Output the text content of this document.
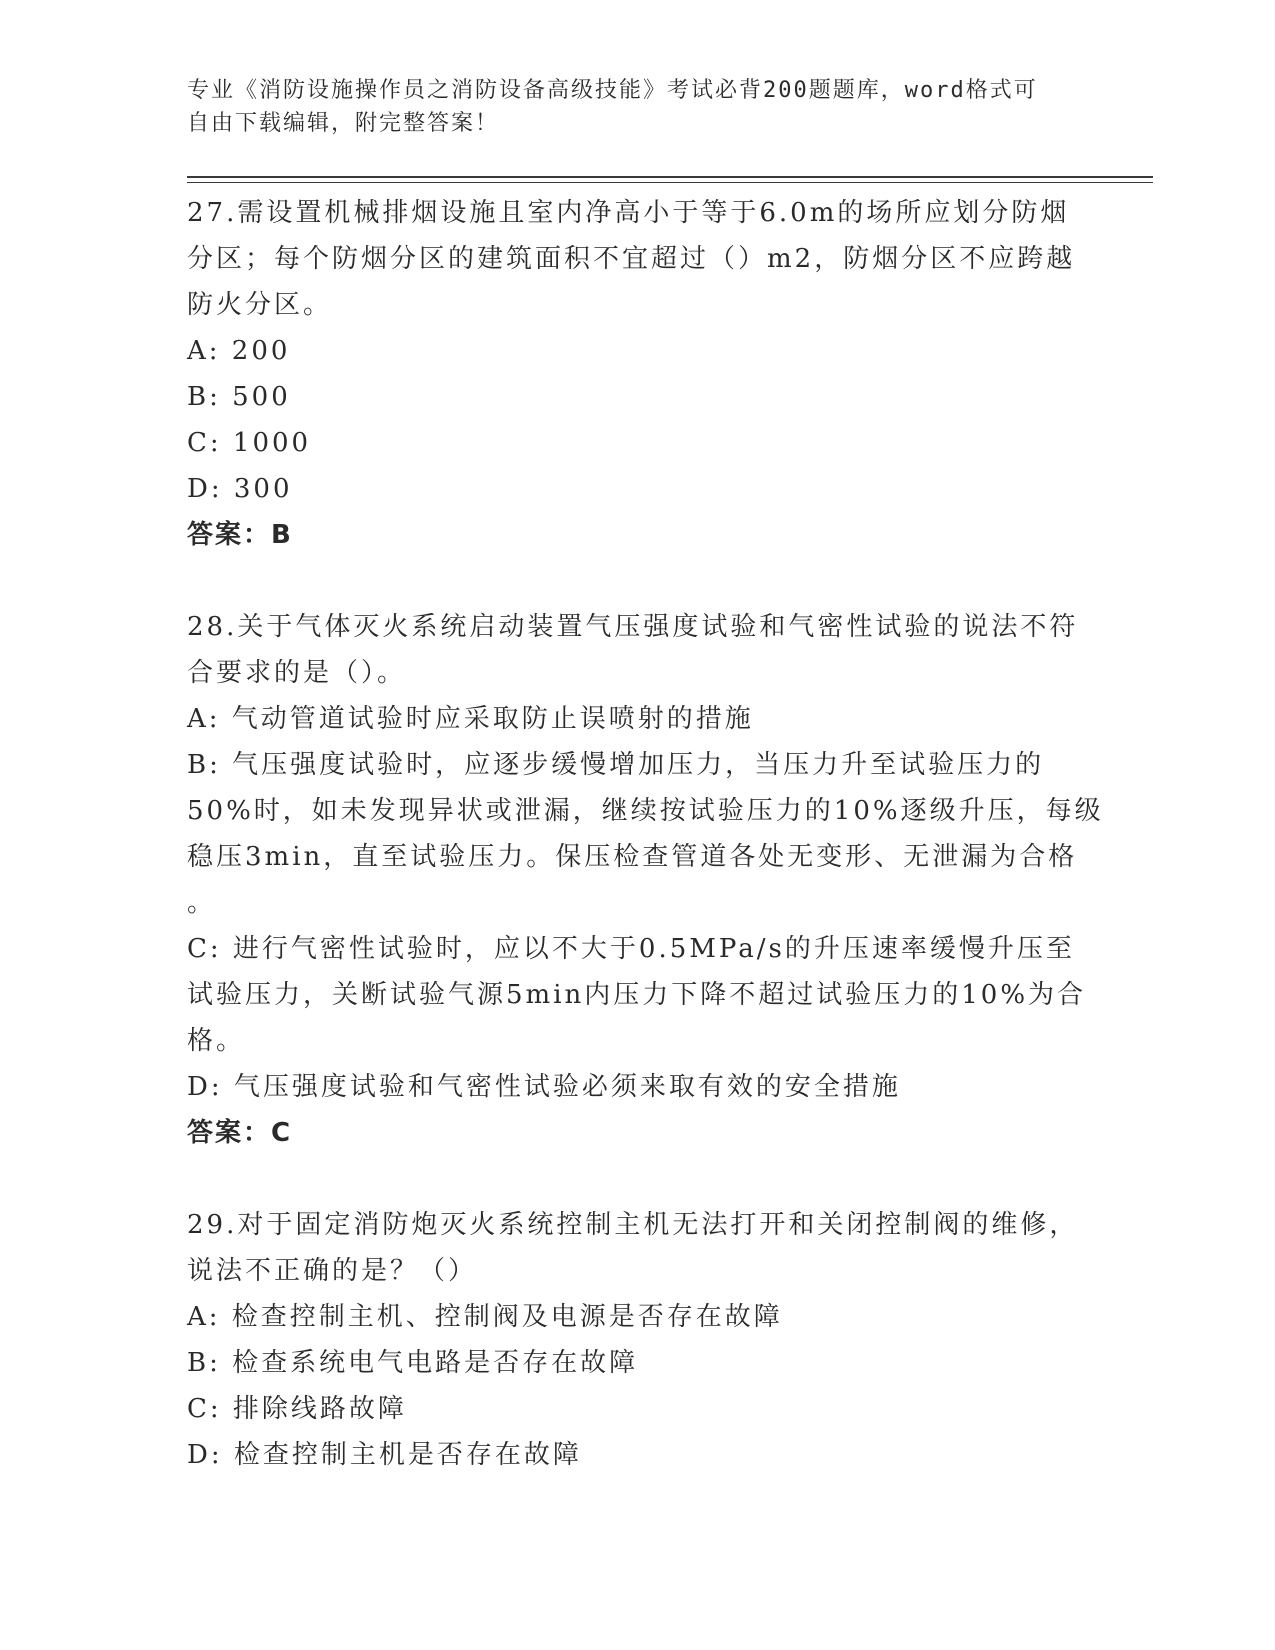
专业《消防设施操作员之消防设备高级技能》考试必背200题题库，word格式可
自由下载编辑，附完整答案！
27.需设置机械排烟设施且室内净高小于等于6.0m的场所应划分防烟
分区；每个防烟分区的建筑面积不宜超过（）m2，防烟分区不应跨越
防火分区。
A: 200
B: 500
C: 1000
D: 300
答案：B
28.关于气体灭火系统启动装置气压强度试验和气密性试验的说法不符
合要求的是（）。
A: 气动管道试验时应采取防止误喷射的措施
B: 气压强度试验时，应逐步缓慢增加压力，当压力升至试验压力的
50%时，如未发现异状或泄漏，继续按试验压力的10%逐级升压，每级
稳压3min，直至试验压力。保压检查管道各处无变形、无泄漏为合格
。
C: 进行气密性试验时，应以不大于0.5MPa/s的升压速率缓慢升压至
试验压力，关断试验气源5min内压力下降不超过试验压力的10%为合
格。
D: 气压强度试验和气密性试验必须来取有效的安全措施
答案：C
29.对于固定消防炮灭火系统控制主机无法打开和关闭控制阀的维修，
说法不正确的是？（）
A: 检查控制主机、控制阀及电源是否存在故障
B: 检查系统电气电路是否存在故障
C: 排除线路故障
D: 检查控制主机是否存在故障
